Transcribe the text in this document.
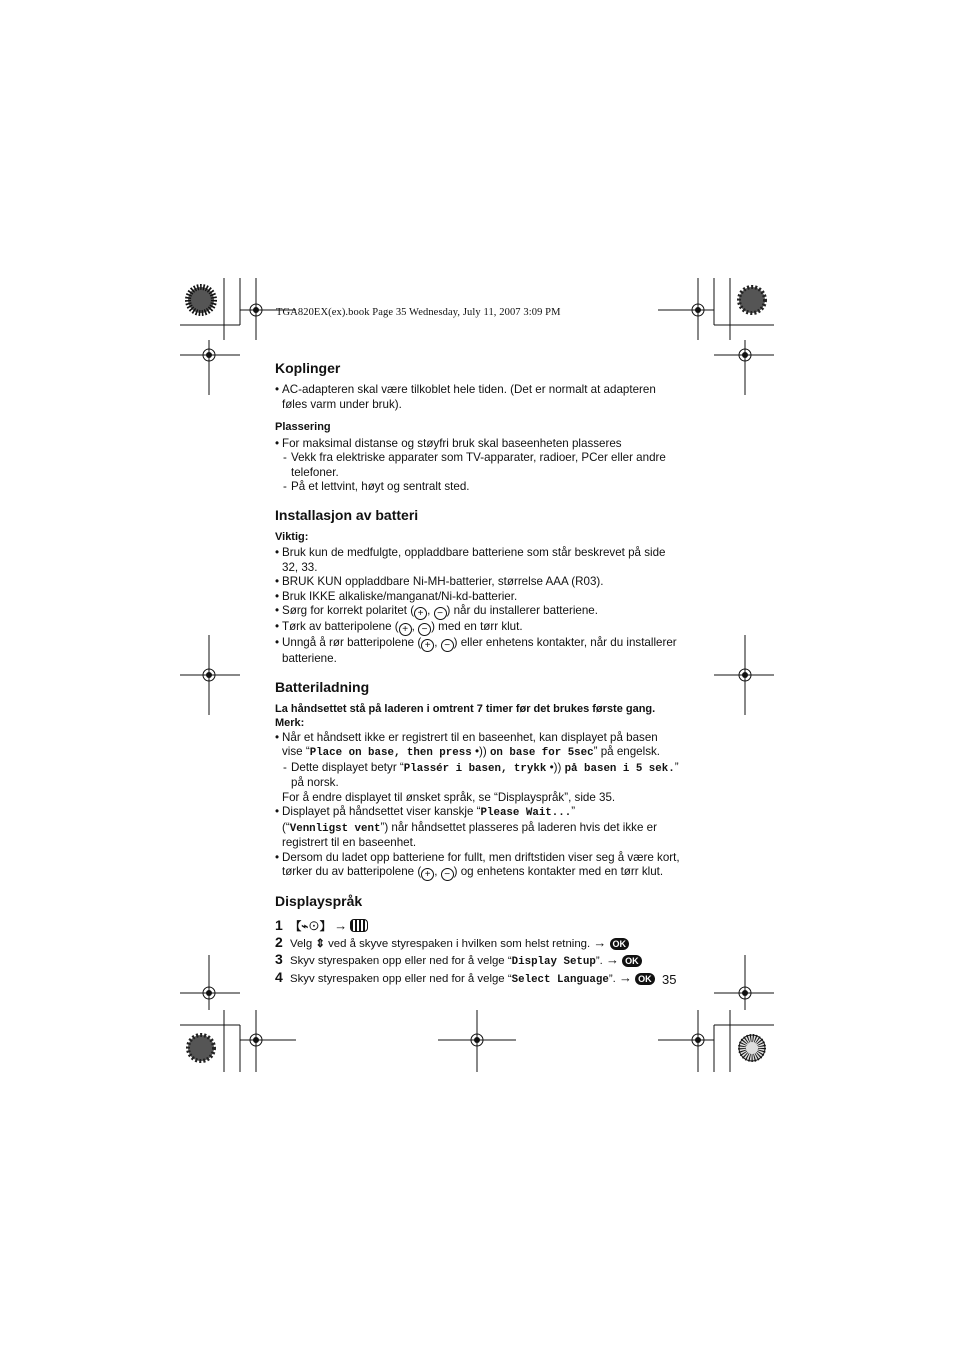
TGA820EX(ex).book Page 35 Wednesday, July 11, 2007 3:09 PM
Koplinger
• AC-adapteren skal være tilkoblet hele tiden. (Det er normalt at adapteren føles varm under bruk).
Plassering
• For maksimal distanse og støyfri bruk skal baseenheten plasseres
- Vekk fra elektriske apparater som TV-apparater, radioer, PCer eller andre telefoner.
- På et lettvint, høyt og sentralt sted.
Installasjon av batteri
Viktig:
• Bruk kun de medfulgte, oppladdbare batteriene som står beskrevet på side 32, 33.
• BRUK KUN oppladdbare Ni-MH-batterier, størrelse AAA (R03).
• Bruk IKKE alkaliske/manganat/Ni-kd-batterier.
• Sørg for korrekt polaritet ( + , − ) når du installerer batteriene.
• Tørk av batteripolene ( + , − ) med en tørr klut.
• Unngå å rør batteripolene ( + , − ) eller enhetens kontakter, når du installerer batteriene.
Batteriladning
La håndsettet stå på laderen i omtrent 7 timer før det brukes første gang.
Merk:
• Når et håndsett ikke er registrert til en baseenhet, kan displayet på basen vise “Place on base, then press •)) on base for 5sec” på engelsk.
- Dette displayet betyr “Plassér i basen, trykk •)) på basen i 5 sek.” på norsk.
For å endre displayet til ønsket språk, se “Displayspråk”, side 35.
• Displayet på håndsettet viser kanskje “Please Wait...”
(“Vennligst vent”) når håndsettet plasseres på laderen hvis det ikke er registrert til en baseenhet.
• Dersom du ladet opp batteriene for fullt, men driftstiden viser seg å være kort, tørker du av batteripolene ( + , − ) og enhetens kontakter med en tørr klut.
Displayspråk
1 【⌁⊙】 →
2 Velg ⇕ ved å skyve styrespaken i hvilken som helst retning. → OK
3 Skyv styrespaken opp eller ned for å velge “Display Setup”. → OK
4 Skyv styrespaken opp eller ned for å velge “Select Language”. → OK 35
